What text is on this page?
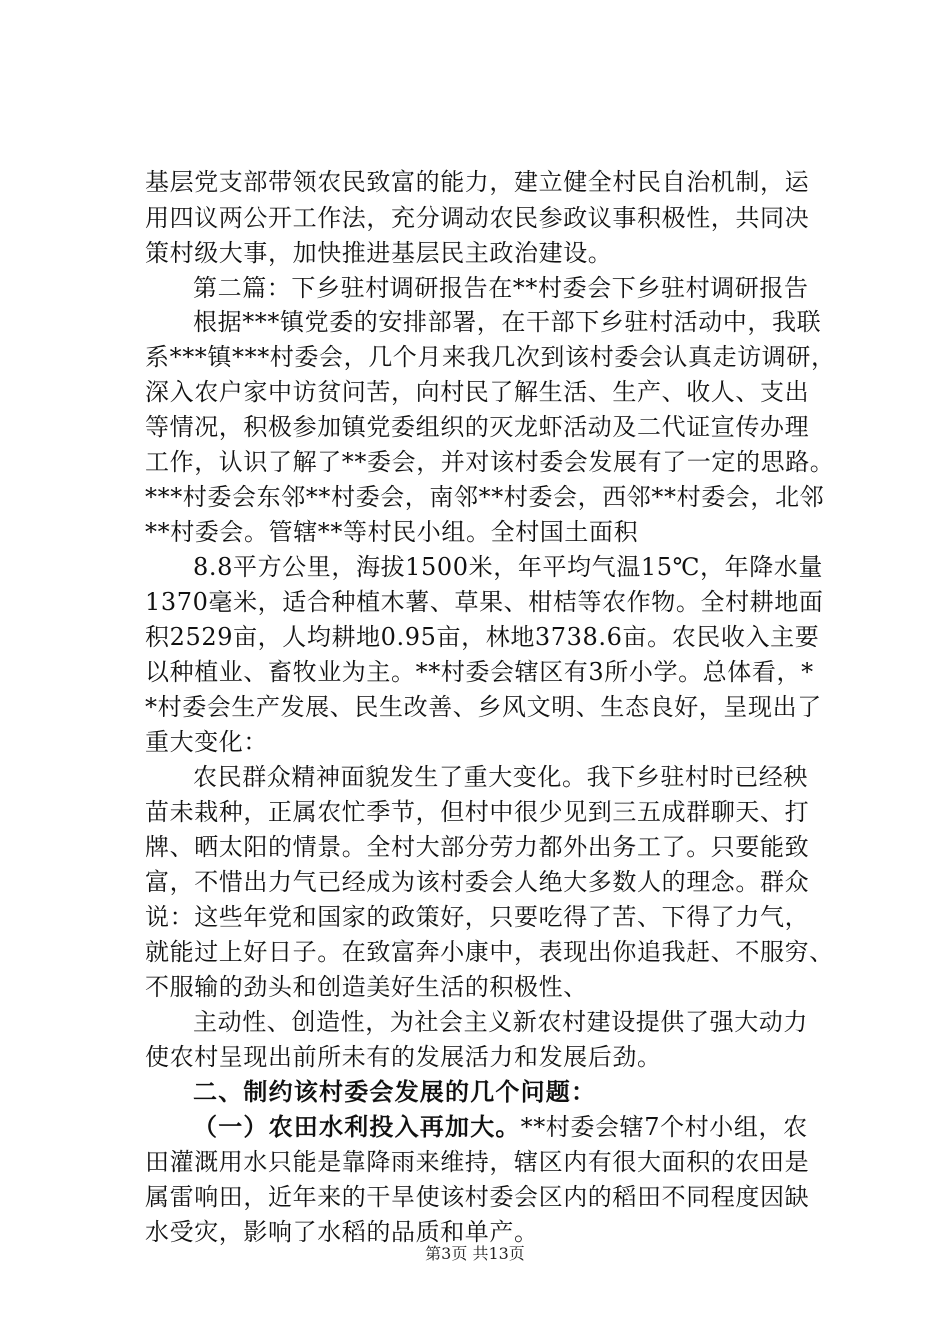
基层党支部带领农民致富的能力，建立健全村民自治机制，运
用四议两公开工作法，充分调动农民参政议事积极性，共同决
策村级大事，加快推进基层民主政治建设。
第二篇：下乡驻村调研报告在**村委会下乡驻村调研报告
根据***镇党委的安排部署，在干部下乡驻村活动中，我联
系***镇***村委会，几个月来我几次到该村委会认真走访调研，
深入农户家中访贫问苦，向村民了解生活、生产、收人、支出
等情况，积极参加镇党委组织的灭龙虾活动及二代证宣传办理
工作，认识了解了**委会，并对该村委会发展有了一定的思路。
***村委会东邻**村委会，南邻**村委会，西邻**村委会，北邻
**村委会。管辖**等村民小组。全村国土面积
8.8平方公里，海拔1500米，年平均气温15℃，年降水量
1370毫米，适合种植木薯、草果、柑桔等农作物。全村耕地面
积2529亩，人均耕地0.95亩，林地3738.6亩。农民收入主要
以种植业、畜牧业为主。**村委会辖区有3所小学。总体看，*
*村委会生产发展、民生改善、乡风文明、生态良好，呈现出了
重大变化：
农民群众精神面貌发生了重大变化。我下乡驻村时已经秧
苗未栽种，正属农忙季节，但村中很少见到三五成群聊天、打
牌、晒太阳的情景。全村大部分劳力都外出务工了。只要能致
富，不惜出力气已经成为该村委会人绝大多数人的理念。群众
说：这些年党和国家的政策好，只要吃得了苦、下得了力气，
就能过上好日子。在致富奔小康中，表现出你追我赶、不服穷、
不服输的劲头和创造美好生活的积极性、
主动性、创造性，为社会主义新农村建设提供了强大动力
使农村呈现出前所未有的发展活力和发展后劲。
二、制约该村委会发展的几个问题：
（一）农田水利投入再加大。**村委会辖7个村小组，农
田灌溉用水只能是靠降雨来维持，辖区内有很大面积的农田是
属雷响田，近年来的干旱使该村委会区内的稻田不同程度因缺
水受灾，影响了水稻的品质和单产。
第3页 共13页
